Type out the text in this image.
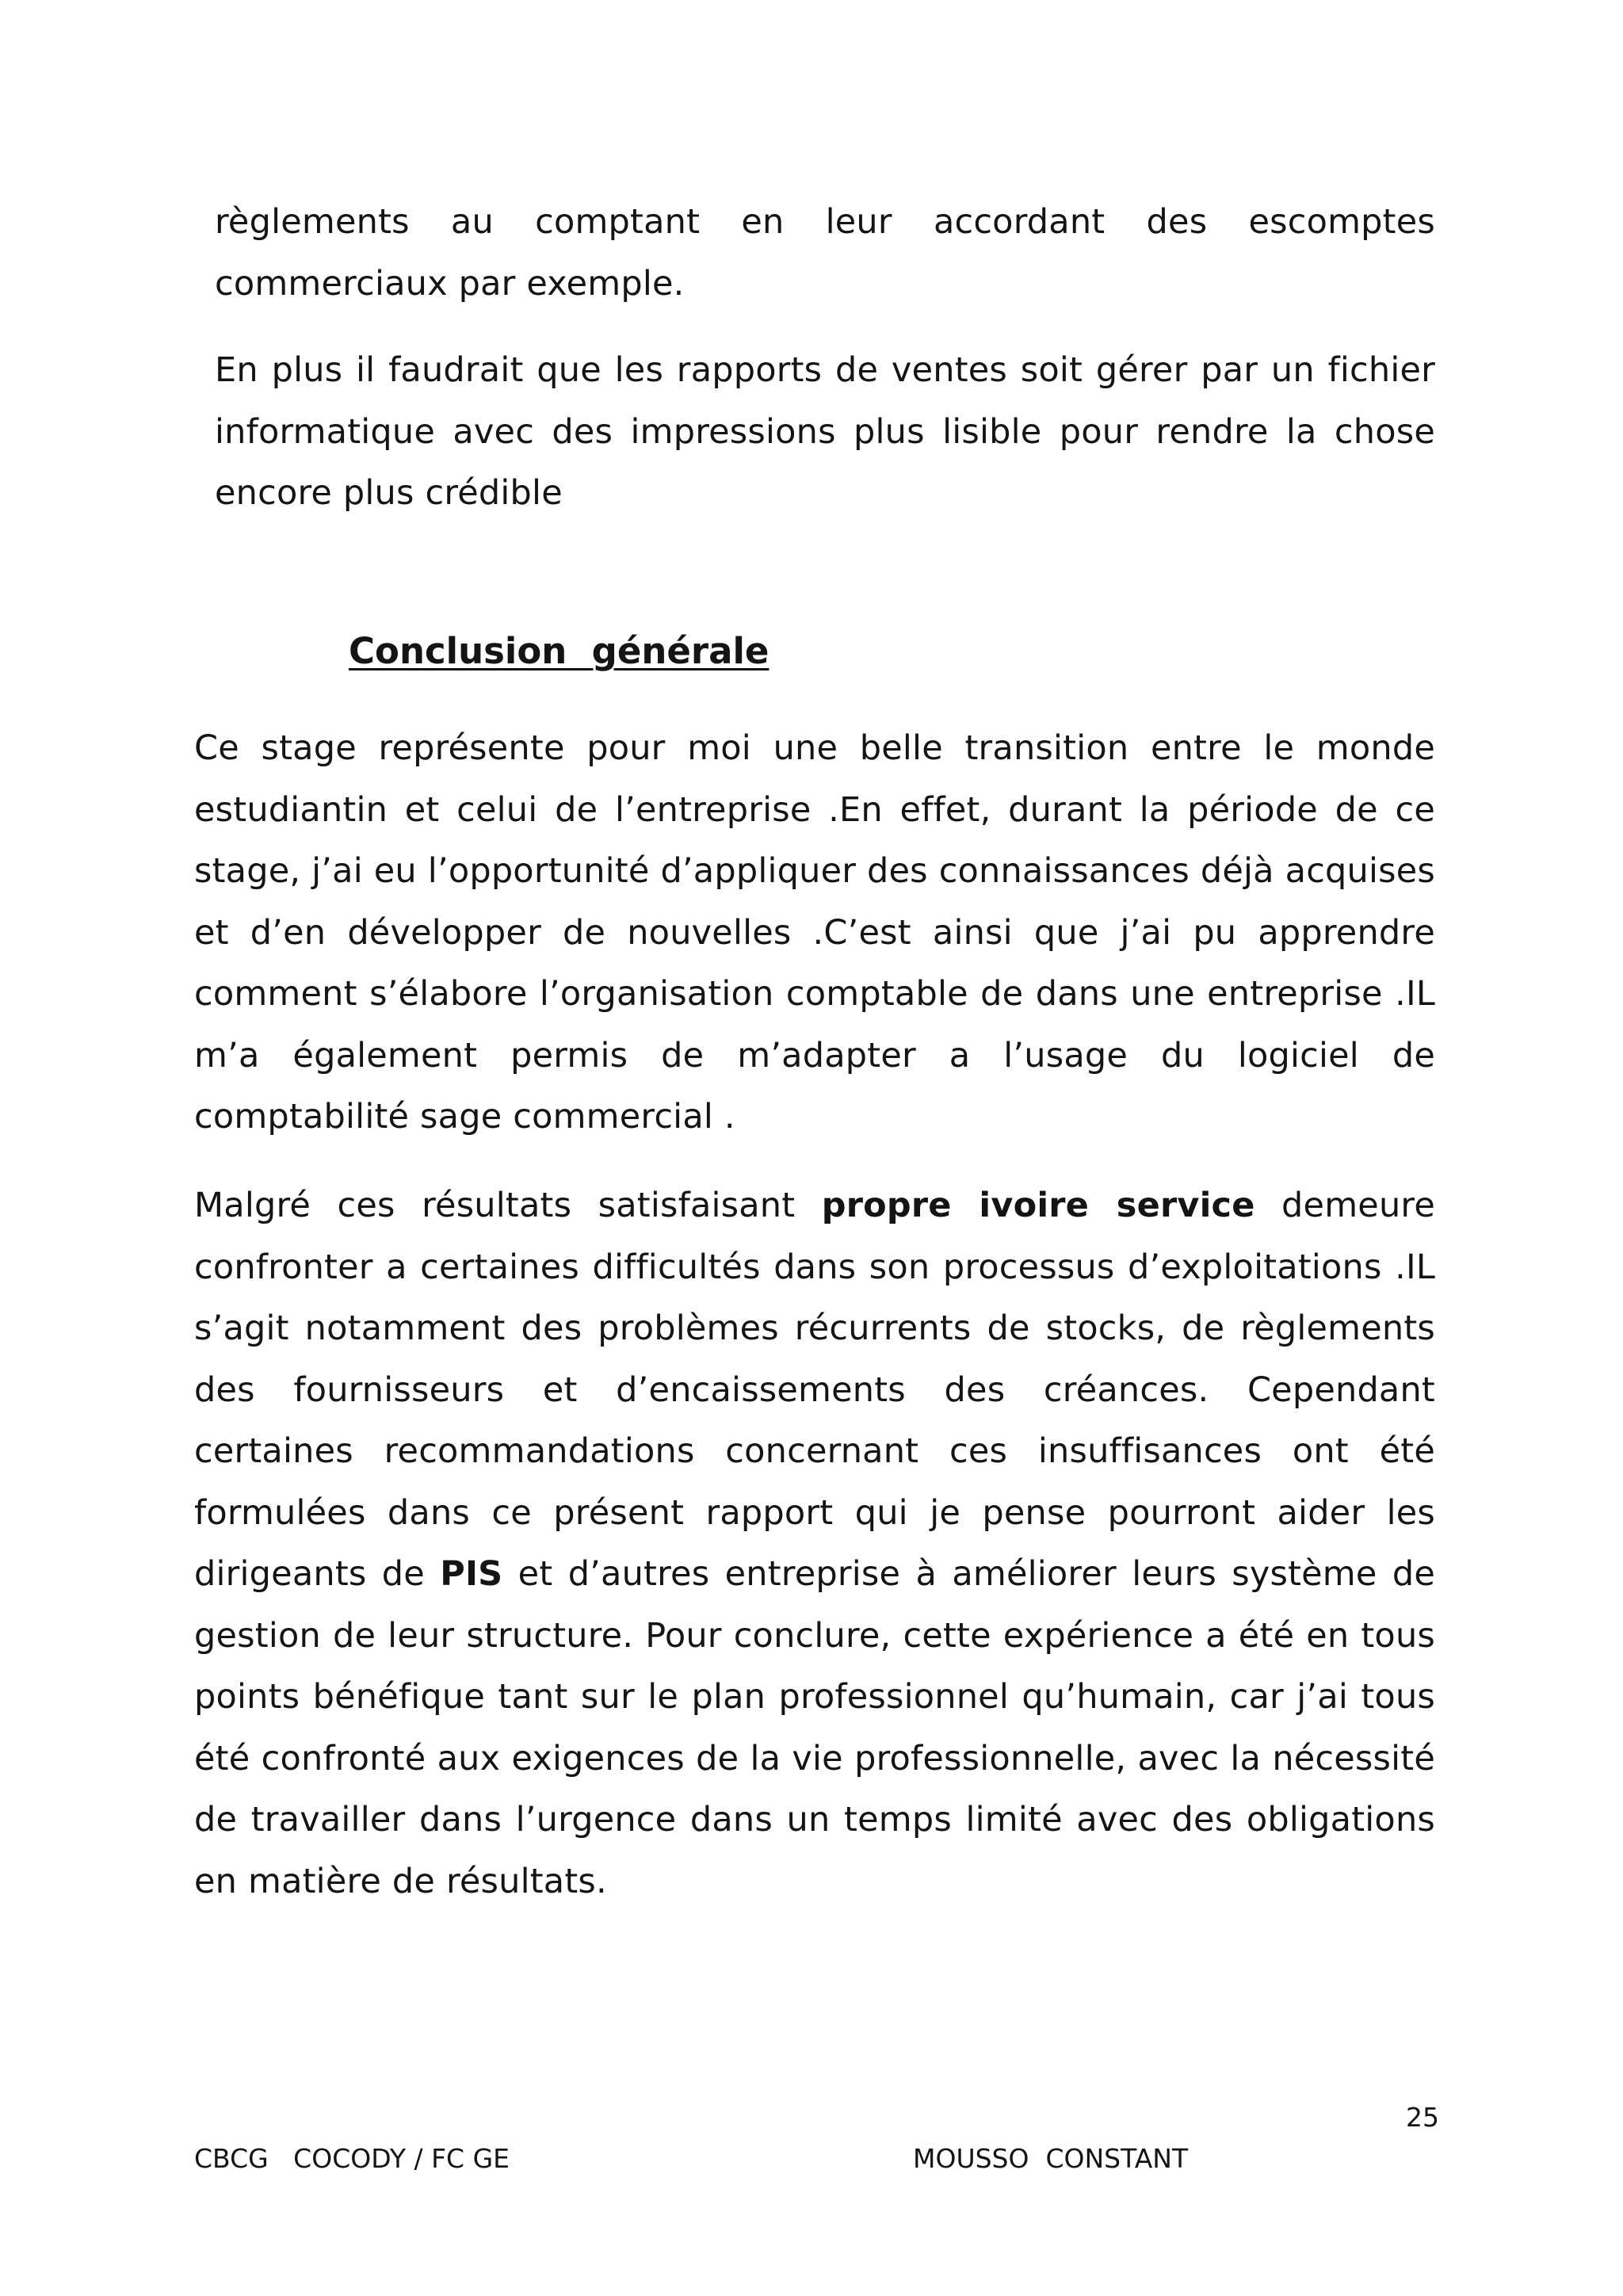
règlements au comptant en leur accordant des escomptes commerciaux par exemple.

En plus il faudrait que les rapports de ventes soit gérer par un fichier informatique avec des impressions plus lisible pour rendre la chose encore plus crédible

Conclusion  générale

Ce stage représente pour moi une belle transition entre le monde estudiantin et celui de l’entreprise .En effet, durant la période de ce stage, j’ai eu l’opportunité d’appliquer des connaissances déjà acquises et d’en développer de nouvelles .C’est ainsi que j’ai pu apprendre comment s’élabore l’organisation comptable de dans une entreprise .IL m’a également permis de m’adapter a l’usage du logiciel de comptabilité sage commercial .

Malgré ces résultats satisfaisant propre ivoire service demeure confronter a certaines difficultés dans son processus d’exploitations .IL s’agit notamment des problèmes récurrents de stocks, de règlements des fournisseurs et d’encaissements des créances. Cependant certaines recommandations concernant ces insuffisances ont été formulées dans ce présent rapport qui je pense pourront aider les dirigeants de PIS et d’autres entreprise à améliorer leurs système de gestion de leur structure. Pour conclure, cette expérience a été en tous points bénéfique tant sur le plan professionnel qu’humain, car j’ai tous été confronté aux exigences de la vie professionnelle, avec la nécessité de travailler dans l’urgence dans un temps limité avec des obligations en matière de résultats.

25

CBCG   COCODY / FC GE	MOUSSO  CONSTANT
